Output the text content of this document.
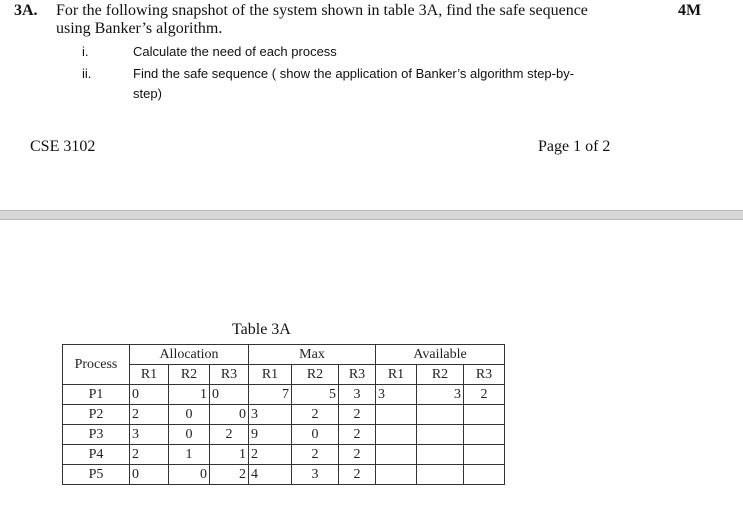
3A. For the following snapshot of the system shown in table 3A, find the safe sequence
using Banker’s algorithm.
4M
i.	Calculate the need of each process
ii.	Find the safe sequence ( show the application of Banker’s algorithm step-by-
step)
CSE 3102	Page 1 of 2
Table 3A
Process	Allocation			Max			Available		
	R1	R2	R3	R1	R2	R3	R1	R2	R3
P1	0	1	0	7	5	3	3	3	2
P2	2	0	0	3	2	2			
P3	3	0	2	9	0	2			
P4	2	1	1	2	2	2			
P5	0	0	2	4	3	2			
